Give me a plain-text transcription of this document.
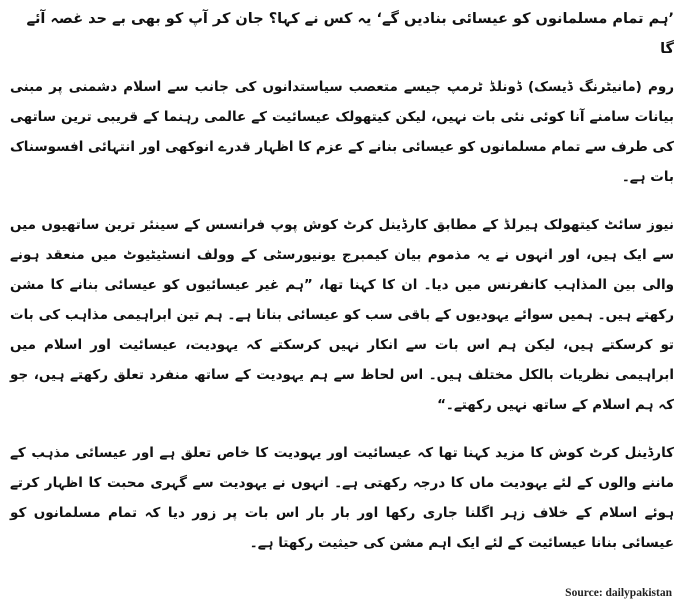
’ہم تمام مسلمانوں کو عیسائی بنادیں گے‘ یہ کس نے کہا؟ جان کر آپ کو بھی بے حد غصہ آئے گا

روم (مانیٹرنگ ڈیسک) ڈونلڈ ٹرمپ جیسے متعصب سیاستدانوں کی جانب سے اسلام دشمنی پر مبنی بیانات سامنے آنا کوئی نئی بات نہیں، لیکن کیتھولک عیسائیت کے عالمی رہنما کے قریبی ترین ساتھی کی طرف سے تمام مسلمانوں کو عیسائی بنانے کے عزم کا اظہار قدرے انوکھی اور انتہائی افسوسناک بات ہے۔

نیوز سائٹ کیتھولک ہیرلڈ کے مطابق کارڈینل کرٹ کوش پوپ فرانسس کے سینئر ترین ساتھیوں میں سے ایک ہیں، اور انہوں نے یہ مذموم بیان کیمبرج یونیورسٹی کے وولف انسٹیٹیوٹ میں منعقد ہونے والی بین المذاہب کانفرنس میں دیا۔ ان کا کہنا تھا، ”ہم غیر عیسائیوں کو عیسائی بنانے کا مشن رکھتے ہیں۔ ہمیں سوائے یہودیوں کے باقی سب کو عیسائی بنانا ہے۔ ہم تین ابراہیمی مذاہب کی بات تو کرسکتے ہیں، لیکن ہم اس بات سے انکار نہیں کرسکتے کہ یہودیت، عیسائیت اور اسلام میں ابراہیمی نظریات بالکل مختلف ہیں۔ اس لحاظ سے ہم یہودیت کے ساتھ منفرد تعلق رکھتے ہیں، جو کہ ہم اسلام کے ساتھ نہیں رکھتے۔“

کارڈینل کرٹ کوش کا مزید کہنا تھا کہ عیسائیت اور یہودیت کا خاص تعلق ہے اور عیسائی مذہب کے ماننے والوں کے لئے یہودیت ماں کا درجہ رکھتی ہے۔ انہوں نے یہودیت سے گہری محبت کا اظہار کرتے ہوئے اسلام کے خلاف زہر اگلنا جاری رکھا اور بار بار اس بات پر زور دیا کہ تمام مسلمانوں کو عیسائی بنانا عیسائیت کے لئے ایک اہم مشن کی حیثیت رکھتا ہے۔

Source: dailypakistan
